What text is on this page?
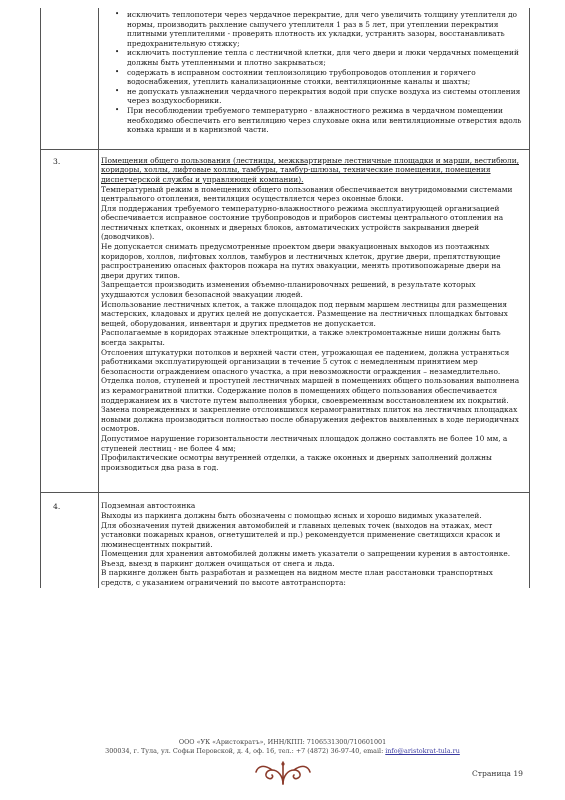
• исключить теплопотери через чердачное перекрытие, для чего увеличить толщину утеплителя до нормы, производить рыхление сыпучего утеплителя 1 раз в 5 лет, при утеплении перекрытия плитными утеплителями - проверять плотность их укладки, устранять зазоры, восстанавливать предохранительную стяжку;
• исключить поступление тепла с лестничной клетки, для чего двери и люки чердачных помещений должны быть утепленными и плотно закрываться;
• содержать в исправном состоянии теплоизоляцию трубопроводов отопления и горячего водоснабжения, утеплить канализационные стояки, вентиляционные каналы и шахты;
• не допускать увлажнения чердачного перекрытия водой при спуске воздуха из системы отопления через воздухосборники.
• При несоблюдении требуемого температурно - влажностного режима в чердачном помещении необходимо обеспечить его вентиляцию через слуховые окна или вентиляционные отверстия вдоль конька крыши и в карнизной части.
3.	Помещения общего пользования (лестницы, межквартирные лестничные площадки и марши, вестибюли, коридоры, холлы, лифтовые холлы, тамбуры, тамбур-шлюзы, технические помещения, помещения диспетчерской службы и управляющей компании).

Температурный режим в помещениях общего пользования обеспечивается внутридомовыми системами центрального отопления, вентиляция осуществляется через оконные блоки.

Для поддержания требуемого температурно-влажностного режима эксплуатирующей организацией обеспечивается исправное состояние трубопроводов и приборов системы центрального отопления на лестничных клетках, оконных и дверных блоков, автоматических устройств закрывания дверей (доводчиков).

Не допускается снимать предусмотренные проектом двери эвакуационных выходов из поэтажных коридоров, холлов, лифтовых холлов, тамбуров и лестничных клеток, другие двери, препятствующие распространению опасных факторов пожара на путях эвакуации, менять противопожарные двери на двери других типов.

Запрещается производить изменения объемно-планировочных решений, в результате которых ухудшаются условия безопасной эвакуации людей.

Использование лестничных клеток, а также площадок под первым маршем лестницы для размещения мастерских, кладовых и других целей не допускается. Размещение на лестничных площадках бытовых вещей, оборудования, инвентаря и других предметов не допускается.

Располагаемые в коридорах этажные электрощитки, а также электромонтажные ниши должны быть всегда закрыты.

Отслоения штукатурки потолков и верхней части стен, угрожающая ее падением, должна устраняться работниками эксплуатирующей организации в течение 5 суток с немедленным принятием мер безопасности ограждением опасного участка, а при невозможности ограждения – незамедлительно.

Отделка полов, ступеней и проступей лестничных маршей в помещениях общего пользования выполнена из керамогранитной плитки. Содержание полов в помещениях общего пользования обеспечивается поддержанием их в чистоте путем выполнения уборки, своевременным восстановлением их покрытий.

Замена поврежденных и закрепление отслоившихся керамогранитных плиток на лестничных площадках новыми должна производиться полностью после обнаружения дефектов выявленных в ходе периодичных осмотров.

Допустимое нарушение горизонтальности лестничных площадок должно составлять не более 10 мм, а ступеней лестниц - не более 4 мм;

Профилактические осмотры внутренней отделки, а также оконных и дверных заполнений должны производиться два раза в год.

4.	Подземная автостоянка

Выходы из паркинга должны быть обозначены с помощью ясных и хорошо видимых указателей.

Для обозначения путей движения автомобилей и главных целевых точек (выходов на этажах, мест установки пожарных кранов, огнетушителей и пр.) рекомендуется применение светящихся красок и люминесцентных покрытий.

Помещения для хранения автомобилей должны иметь указатели о запрещении курения в автостоянке.

Въезд, выезд в паркинг должен очищаться от снега и льда.

В паркинге должен быть разработан и размещен на видном месте план расстановки транспортных средств, с указанием ограничений по высоте автотранспорта:

ООО «УК «Аристократъ», ИНН/КПП: 7106531300/710601001
300034, г. Тула, ул. Софьи Перовской, д. 4, оф. 16, тел.: +7 (4872) 36-97-40, email: info@aristokrat-tula.ru
Страница 19
